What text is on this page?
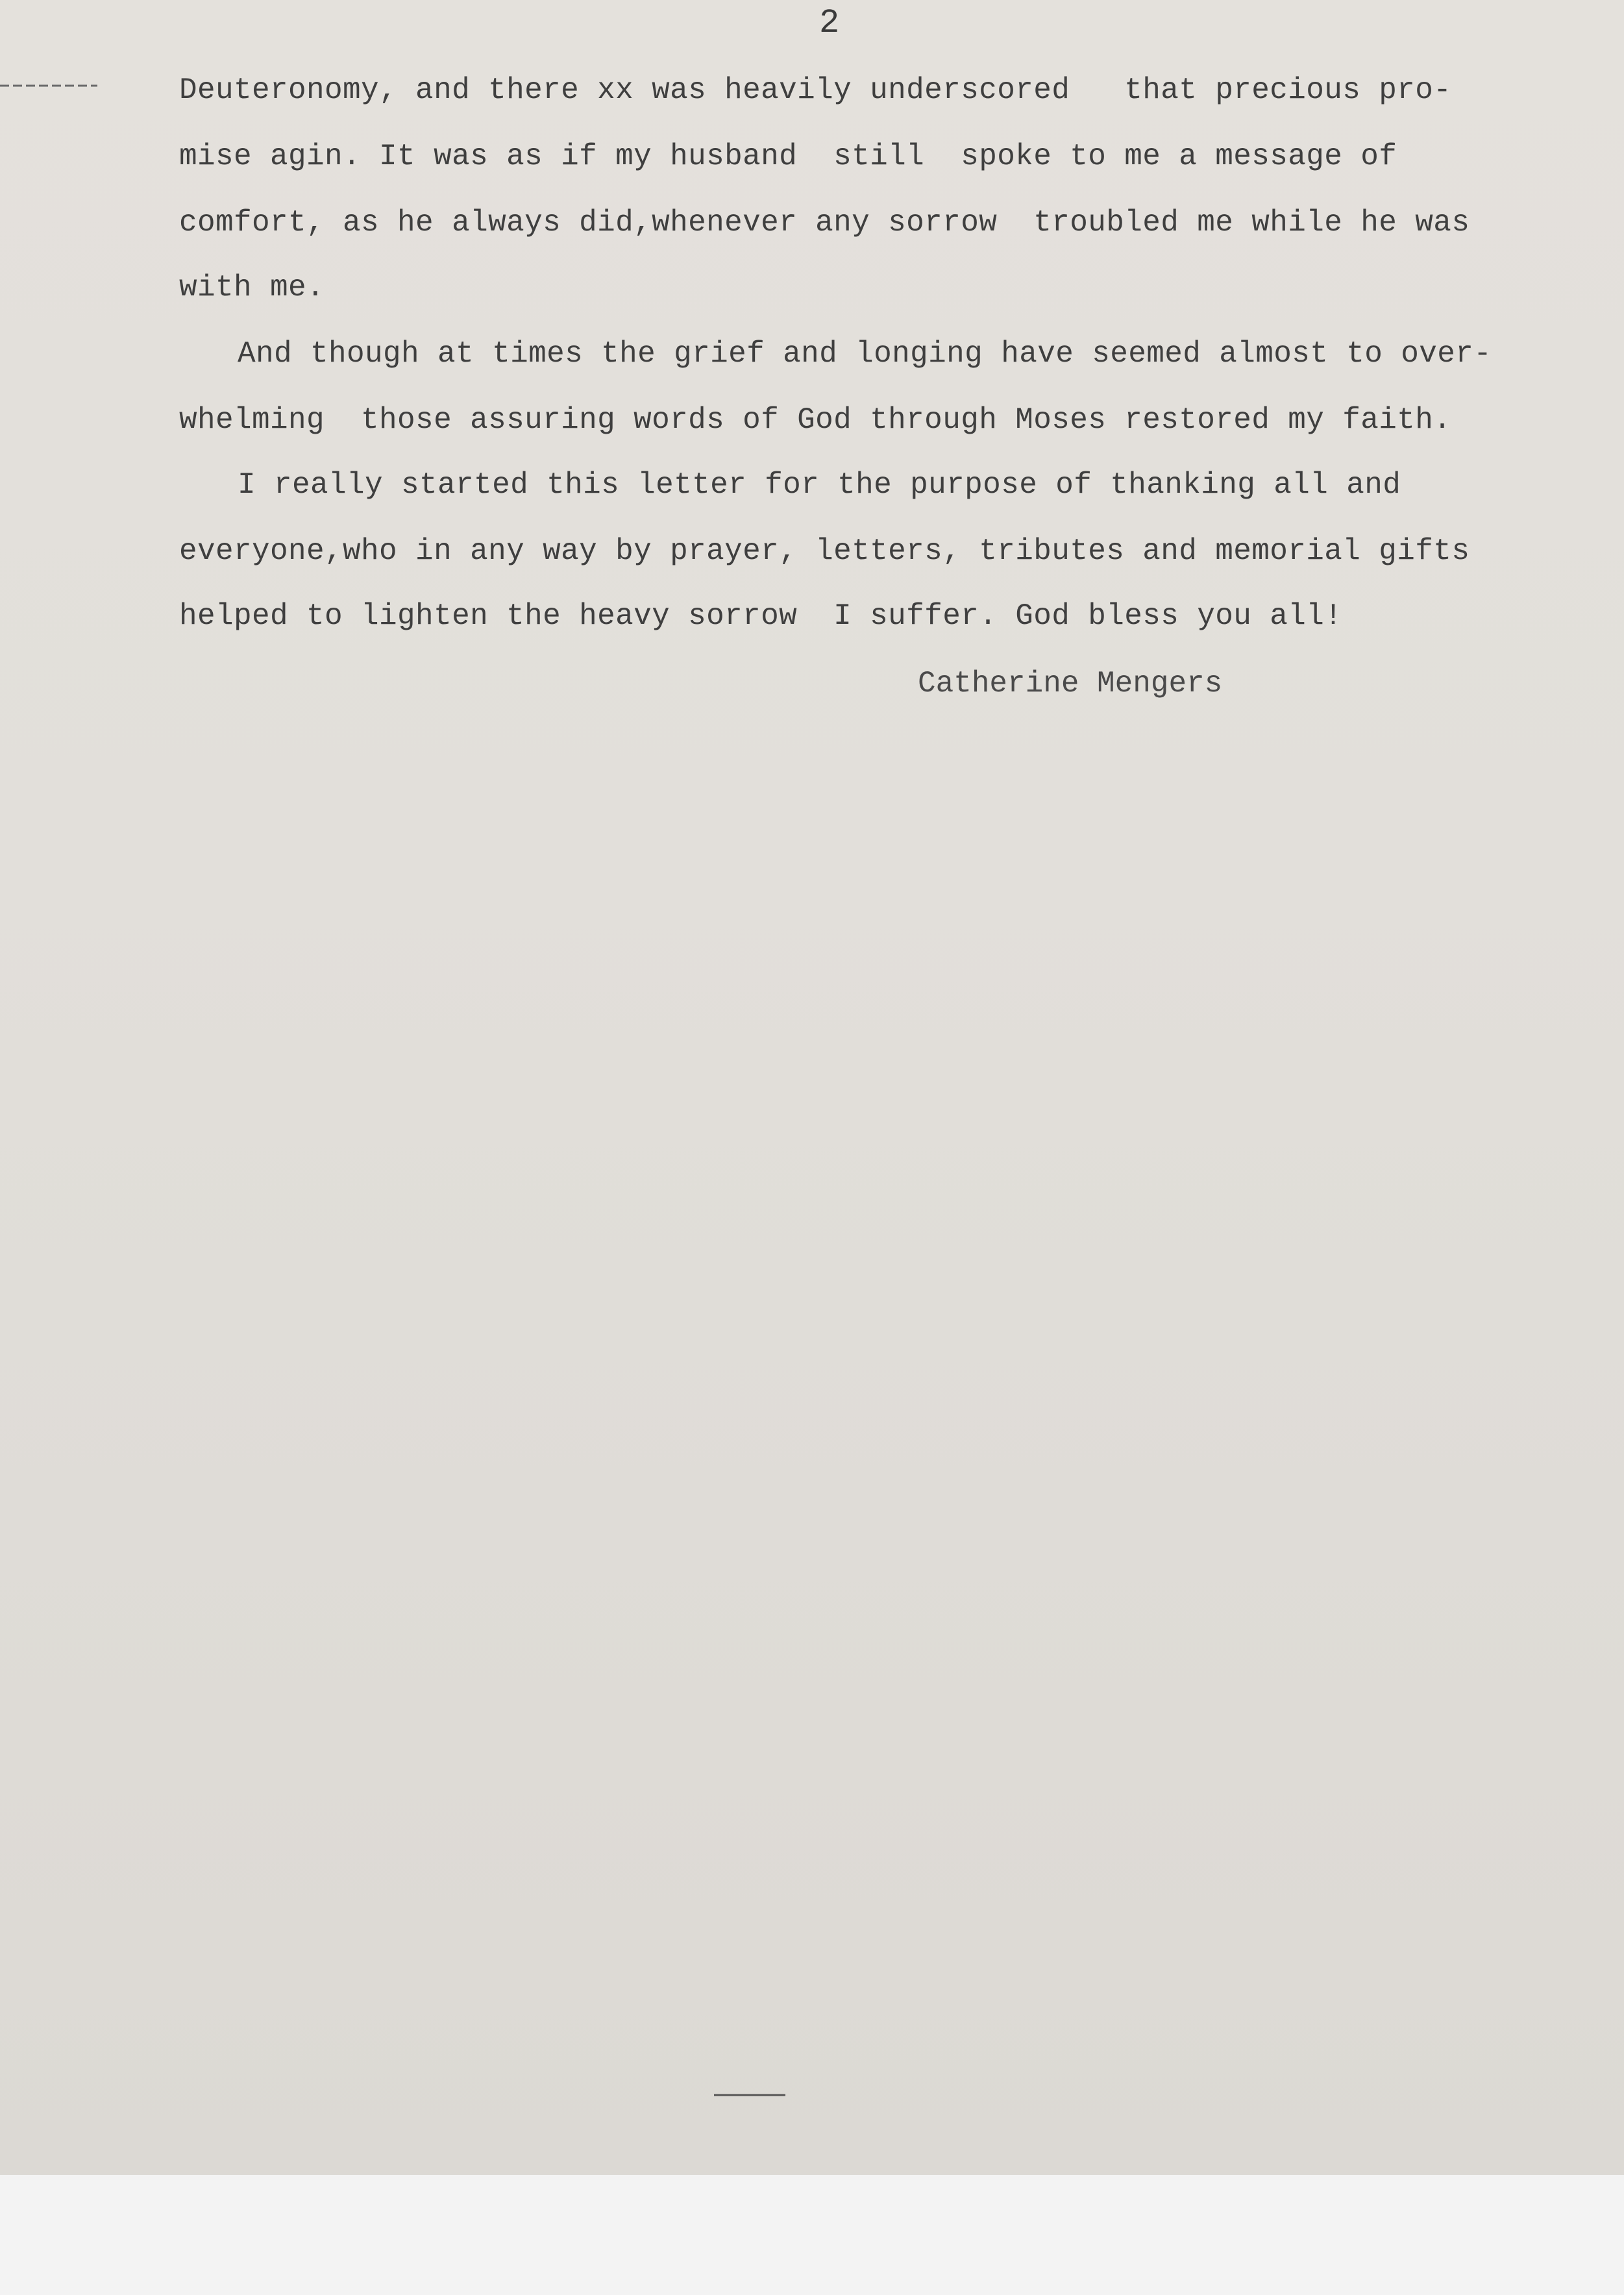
2

Deuteronomy, and there xx was heavily underscored   that precious pro-

mise agin. It was as if my husband  still  spoke to me a message of

comfort, as he always did,whenever any sorrow  troubled me while he was

with me.

And though at times the grief and longing have seemed almost to over-

whelming  those assuring words of God through Moses restored my faith.

I really started this letter for the purpose of thanking all and

everyone,who in any way by prayer, letters, tributes and memorial gifts

helped to lighten the heavy sorrow  I suffer. God bless you all!

Catherine Mengers
